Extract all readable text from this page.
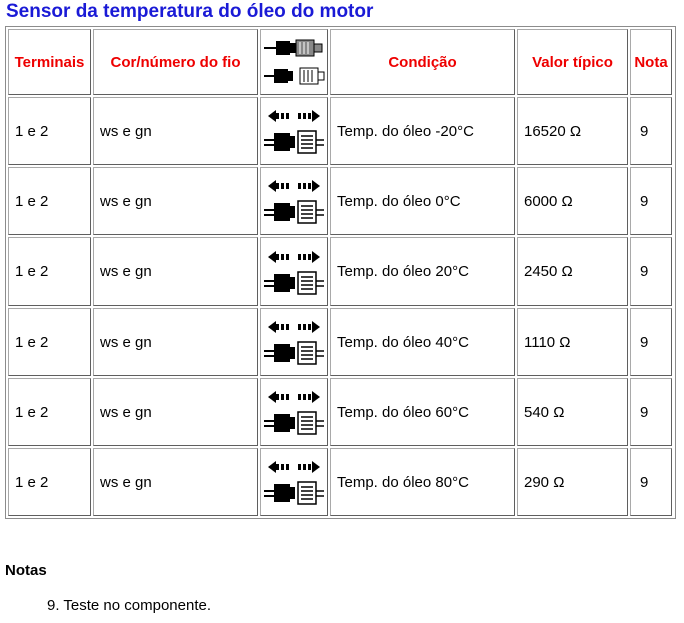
Sensor da temperatura do óleo do motor
Terminais	Cor/número do fio	Condição	Valor típico	Nota
1 e 2	ws e gn	Temp. do óleo -20°C	16520 Ω	9
1 e 2	ws e gn	Temp. do óleo 0°C	6000 Ω	9
1 e 2	ws e gn	Temp. do óleo 20°C	2450 Ω	9
1 e 2	ws e gn	Temp. do óleo 40°C	1110 Ω	9
1 e 2	ws e gn	Temp. do óleo 60°C	540 Ω	9
1 e 2	ws e gn	Temp. do óleo 80°C	290 Ω	9
Notas
9. Teste no componente.
